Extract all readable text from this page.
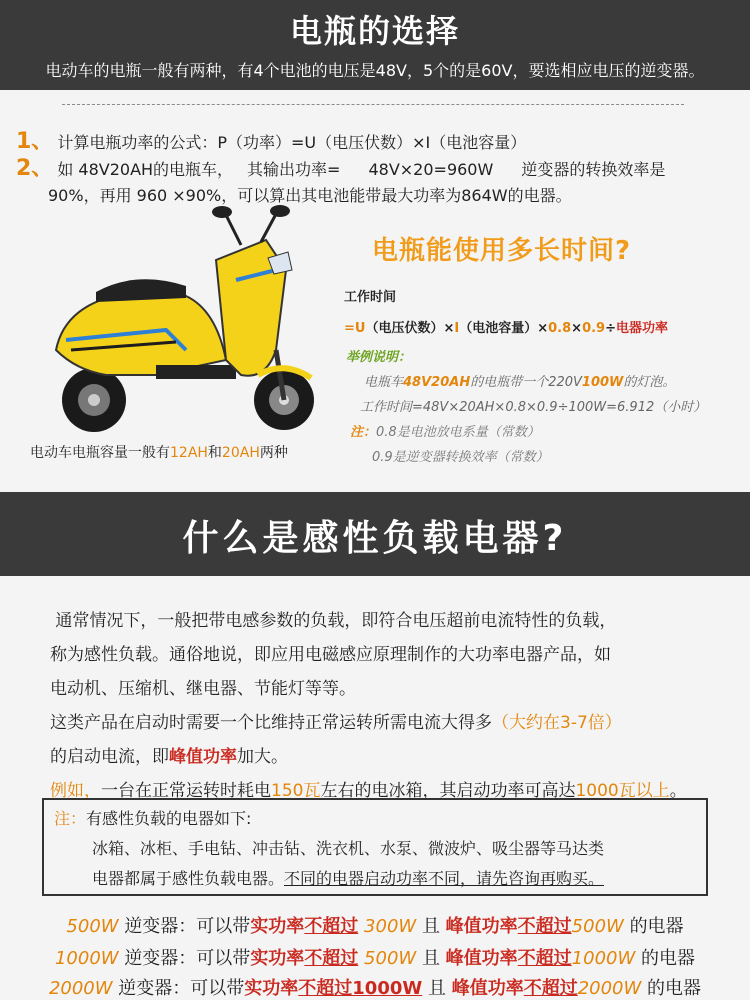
电瓶的选择
电动车的电瓶一般有两种，有4个电池的电压是48V，5个的是60V，要选相应电压的逆变器。
1、 计算电瓶功率的公式：P（功率）=U（电压伏数）×I（电池容量）
2、 如 48V20AH的电瓶车， 其输出功率= 48V×20=960W 逆变器的转换效率是
90%，再用 960 ×90%，可以算出其电池能带最大功率为864W的电器。
电动车电瓶容量一般有12AH和20AH两种
电瓶能使用多长时间?
工作时间
=U（电压伏数）×I（电池容量）×0.8×0.9÷电器功率
举例说明：
电瓶车48V20AH的电瓶带一个220V100W的灯泡。
工作时间=48V×20AH×0.8×0.9÷100W=6.912（小时）
注：0.8是电池放电系量（常数）
0.9是逆变器转换效率（常数）
什么是感性负载电器?
通常情况下，一般把带电感参数的负载，即符合电压超前电流特性的负载，
称为感性负载。通俗地说，即应用电磁感应原理制作的大功率电器产品，如
电动机、压缩机、继电器、节能灯等等。
这类产品在启动时需要一个比维持正常运转所需电流大得多（大约在3-7倍）
的启动电流，即峰值功率加大。
例如，一台在正常运转时耗电150瓦左右的电冰箱，其启动功率可高达1000瓦以上。
注：有感性负载的电器如下:
冰箱、冰柜、手电钻、冲击钻、洗衣机、水泵、微波炉、吸尘器等马达类
电器都属于感性负载电器。不同的电器启动功率不同，请先咨询再购买。
500W 逆变器：可以带实功率不超过 300W 且 峰值功率不超过500W 的电器
1000W 逆变器：可以带实功率不超过 500W 且 峰值功率不超过1000W 的电器
2000W 逆变器：可以带实功率不超过1000W 且 峰值功率不超过2000W 的电器
